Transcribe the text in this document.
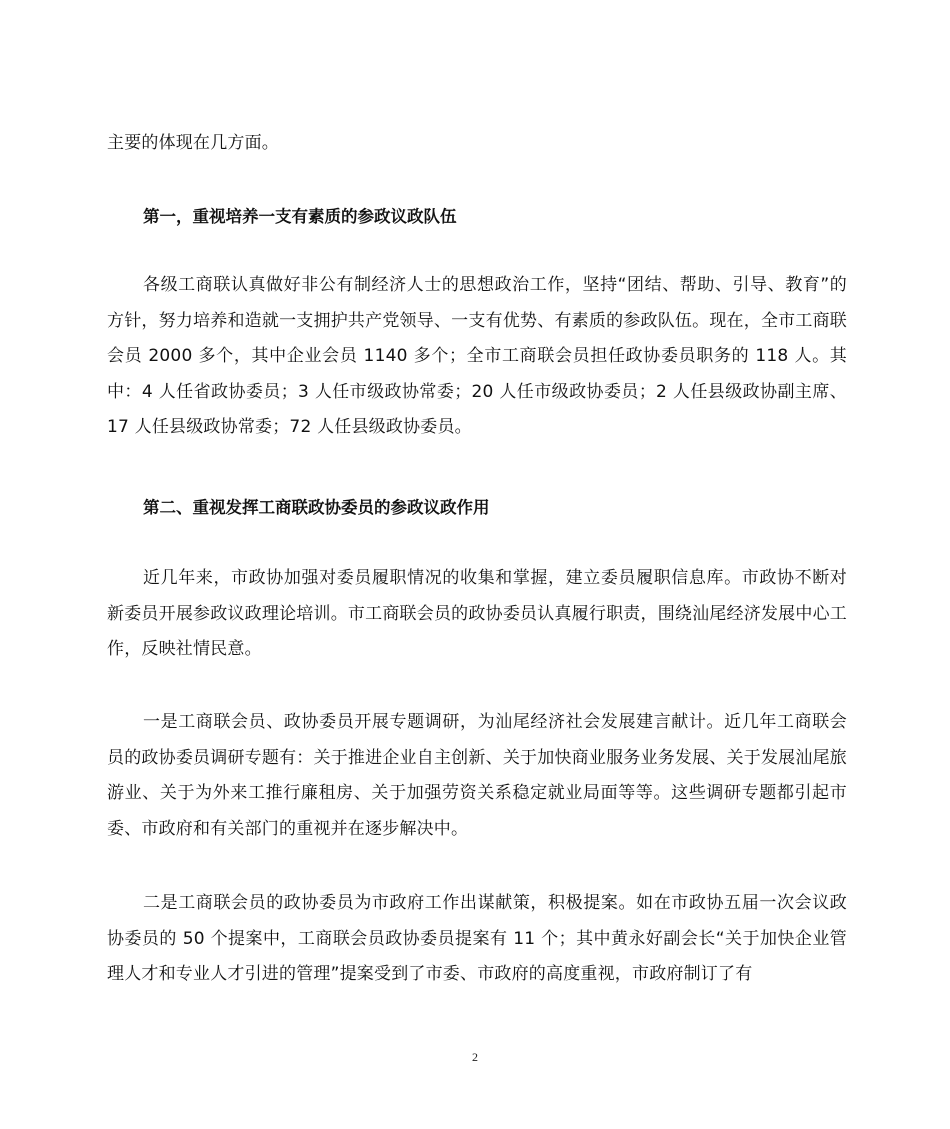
主要的体现在几方面。
第一，重视培养一支有素质的参政议政队伍
各级工商联认真做好非公有制经济人士的思想政治工作，坚持“团结、帮助、引导、教育”的方针，努力培养和造就一支拥护共产党领导、一支有优势、有素质的参政队伍。现在，全市工商联会员 2000 多个，其中企业会员 1140 多个；全市工商联会员担任政协委员职务的 118 人。其中：4 人任省政协委员；3 人任市级政协常委；20 人任市级政协委员；2 人任县级政协副主席、17 人任县级政协常委；72 人任县级政协委员。
第二、重视发挥工商联政协委员的参政议政作用
近几年来，市政协加强对委员履职情况的收集和掌握，建立委员履职信息库。市政协不断对新委员开展参政议政理论培训。市工商联会员的政协委员认真履行职责，围绕汕尾经济发展中心工作，反映社情民意。
一是工商联会员、政协委员开展专题调研，为汕尾经济社会发展建言献计。近几年工商联会员的政协委员调研专题有：关于推进企业自主创新、关于加快商业服务业务发展、关于发展汕尾旅游业、关于为外来工推行廉租房、关于加强劳资关系稳定就业局面等等。这些调研专题都引起市委、市政府和有关部门的重视并在逐步解决中。
二是工商联会员的政协委员为市政府工作出谋献策，积极提案。如在市政协五届一次会议政协委员的 50 个提案中，工商联会员政协委员提案有 11 个；其中黄永好副会长“关于加快企业管理人才和专业人才引进的管理”提案受到了市委、市政府的高度重视，市政府制订了有
2
